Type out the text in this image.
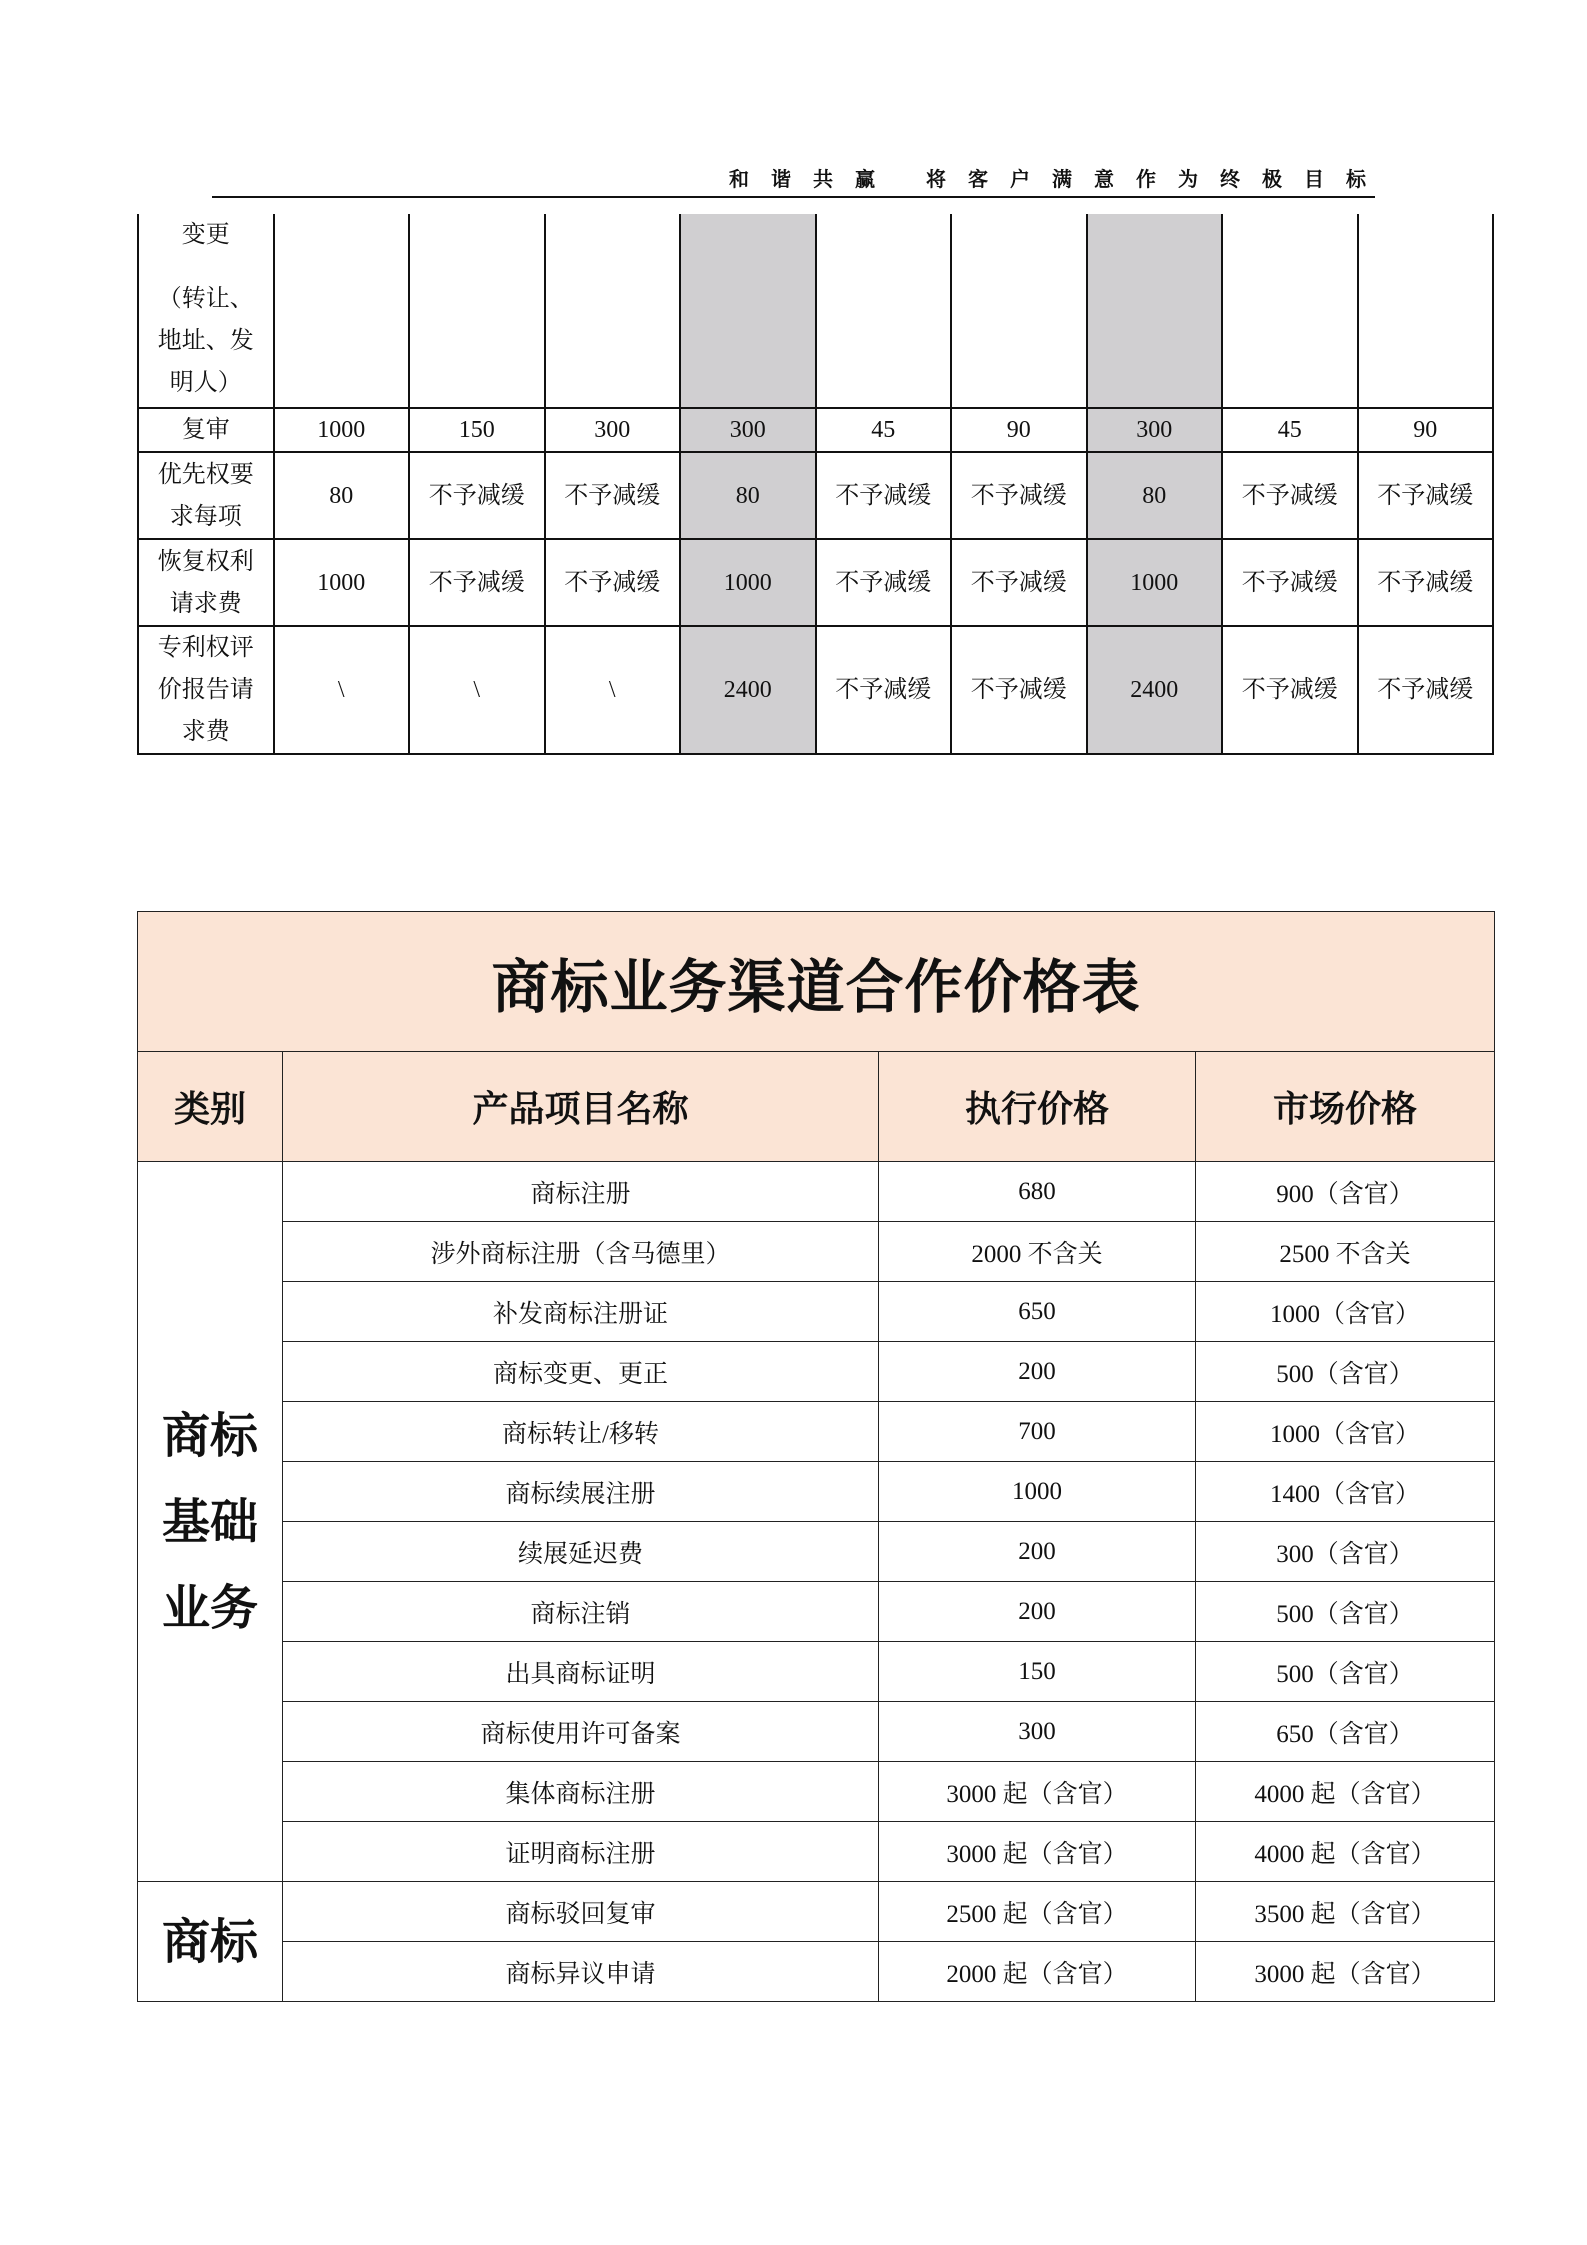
和谐共赢 将客户满意作为终极目标
变更
（转让、地址、发明人）									

复审	1000	150	300	300	45	90	300	45	90
优先权要求每项	80	不予减缓	不予减缓	80	不予减缓	不予减缓	80	不予减缓	不予减缓
恢复权利请求费	1000	不予减缓	不予减缓	1000	不予减缓	不予减缓	1000	不予减缓	不予减缓
专利权评价报告请求费	\	\	\	2400	不予减缓	不予减缓	2400	不予减缓	不予减缓
商标业务渠道合作价格表			
类别	产品项目名称	执行价格	市场价格

商标基础业务	商标注册	680	900（含官）
	涉外商标注册（含马德里）	2000 不含关	2500 不含关
	补发商标注册证	650	1000（含官）
	商标变更、更正	200	500（含官）
	商标转让/移转	700	1000（含官）
	商标续展注册	1000	1400（含官）
	续展延迟费	200	300（含官）
	商标注销	200	500（含官）
	出具商标证明	150	500（含官）
	商标使用许可备案	300	650（含官）
	集体商标注册	3000 起（含官）	4000 起（含官）
	证明商标注册	3000 起（含官）	4000 起（含官）

商标	商标驳回复审	2500 起（含官）	3500 起（含官）
	商标异议申请	2000 起（含官）	3000 起（含官）
